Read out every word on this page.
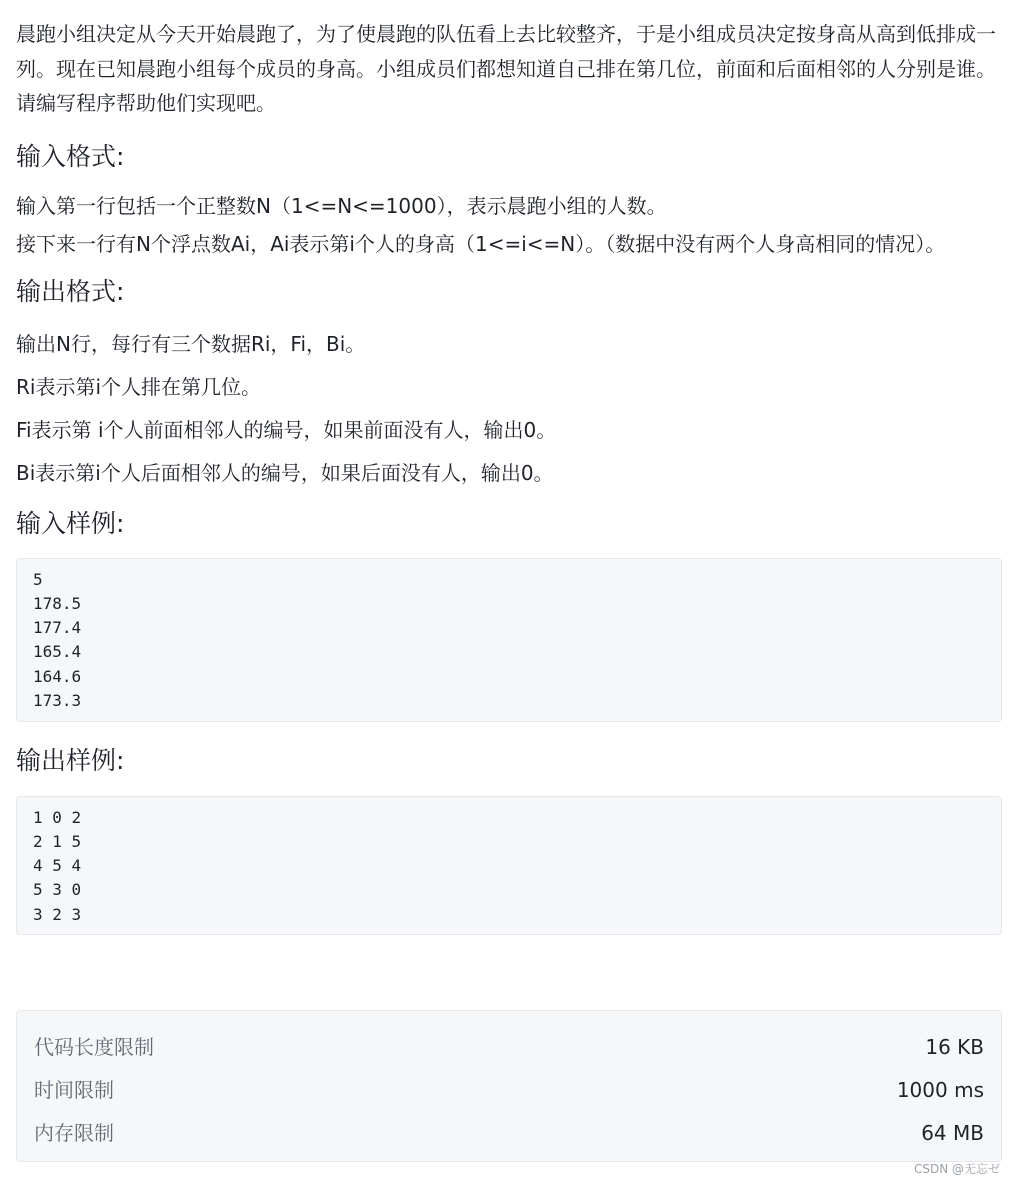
晨跑小组决定从今天开始晨跑了，为了使晨跑的队伍看上去比较整齐，于是小组成员决定按身高从高到低排成一列。现在已知晨跑小组每个成员的身高。小组成员们都想知道自己排在第几位，前面和后面相邻的人分别是谁。请编写程序帮助他们实现吧。

输入格式:

输入第一行包括一个正整数N（1<=N<=1000），表示晨跑小组的人数。

接下来一行有N个浮点数Ai，Ai表示第i个人的身高（1<=i<=N）。（数据中没有两个人身高相同的情况）。

输出格式:

输出N行，每行有三个数据Ri，Fi，Bi。

Ri表示第i个人排在第几位。

Fi表示第 i个人前面相邻人的编号，如果前面没有人，输出0。

Bi表示第i个人后面相邻人的编号，如果后面没有人，输出0。

输入样例:
5
178.5
177.4
165.4
164.6
173.3
输出样例:
1 0 2
2 1 5
4 5 4
5 3 0
3 2 3
代码长度限制	16 KB
时间限制	1000 ms
内存限制	64 MB
CSDN @无忘ゼ
